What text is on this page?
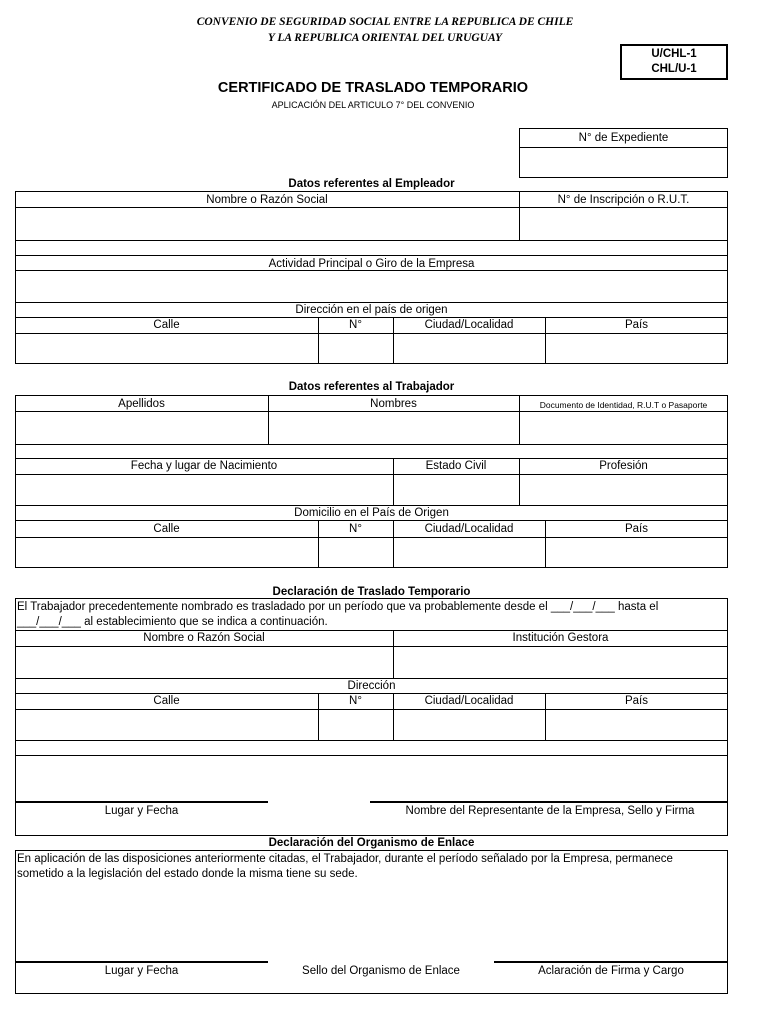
CONVENIO DE SEGURIDAD SOCIAL ENTRE LA REPUBLICA DE CHILE
Y LA REPUBLICA ORIENTAL DEL URUGUAY
U/CHL-1
CHL/U-1
CERTIFICADO DE TRASLADO TEMPORARIO
APLICACIÓN DEL ARTICULO 7° DEL CONVENIO
N° de Expediente
Datos referentes al Empleador
Nombre o Razón Social	N° de Inscripción o R.U.T.
Actividad Principal o Giro de la Empresa
Dirección en el país de origen
Calle	N°	Ciudad/Localidad	País
Datos referentes al Trabajador
Apellidos	Nombres	Documento de Identidad, R.U.T o Pasaporte
Fecha y lugar de Nacimiento	Estado Civil	Profesión
Domicilio en el País de Origen
Calle	N°	Ciudad/Localidad	País
Declaración de Traslado Temporario
El Trabajador precedentemente nombrado es trasladado por un período que va probablemente desde el ___/___/___ hasta el
___/___/___ al establecimiento que se indica a continuación.
Nombre o Razón Social	Institución Gestora
Dirección
Calle	N°	Ciudad/Localidad	País
Lugar y Fecha	Nombre del Representante de la Empresa, Sello y Firma
Declaración del Organismo de Enlace
En aplicación de las disposiciones anteriormente citadas, el Trabajador, durante el período señalado por la Empresa, permanece
sometido a la legislación del estado donde la misma tiene su sede.
Lugar y Fecha	Sello del Organismo de Enlace	Aclaración de Firma y Cargo
